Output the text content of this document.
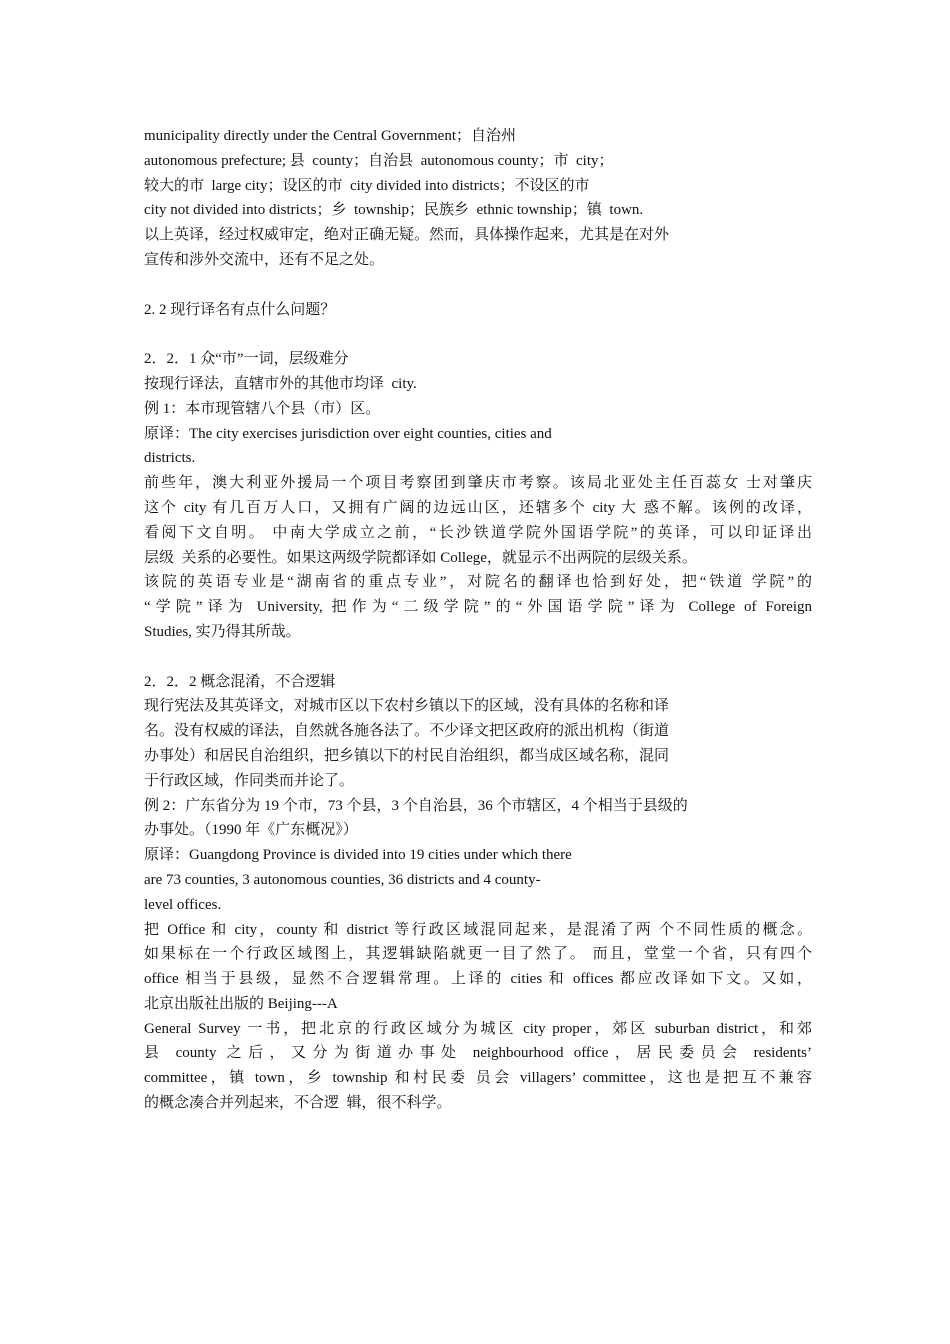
municipality directly under the Central Government；自治州
autonomous prefecture; 县  county；自治县  autonomous county；市  city；
较大的市  large city；设区的市  city divided into districts；不设区的市
city not divided into districts；乡  township；民族乡  ethnic township；镇  town.
以上英译，经过权威审定，绝对正确无疑。然而，具体操作起来，尤其是在对外
宣传和涉外交流中，还有不足之处。
2. 2 现行译名有点什么问题？
2．2．1 众“市”一词，层级难分
按现行译法，直辖市外的其他市均译  city.
例 1：本市现管辖八个县（市）区。
原译：The city exercises jurisdiction over eight counties, cities and
districts.
前些年，澳大利亚外援局一个项目考察团到肇庆市考察。该局北亚处主任百蕊女 士对肇庆
这个 city 有几百万人口，又拥有广阔的边远山区，还辖多个 city 大 惑不解。该例的改译，
看阅下文自明。 中南大学成立之前，“长沙铁道学院外国语学院”的英译，可以印证译出
层级  关系的必要性。如果这两级学院都译如 College，就显示不出两院的层级关系。
该院的英语专业是“湖南省的重点专业”，对院名的翻译也恰到好处，把“铁道 学院”的
“学院”译为 University, 把作为“二级学院”的“外国语学院”译为 College of Foreign
Studies, 实乃得其所哉。
2．2．2 概念混淆，不合逻辑
现行宪法及其英译文，对城市区以下农村乡镇以下的区域，没有具体的名称和译
名。没有权威的译法，自然就各施各法了。不少译文把区政府的派出机构（街道
办事处）和居民自治组织，把乡镇以下的村民自治组织，都当成区域名称，混同
于行政区域，作同类而并论了。
例 2：广东省分为 19 个市，73 个县，3 个自治县，36 个市辖区，4 个相当于县级的
办事处。（1990 年《广东概况》）
原译：Guangdong Province is divided into 19 cities under which there
are 73 counties, 3 autonomous counties, 36 districts and 4 county-
level offices.
把 Office 和 city，county 和 district 等行政区域混同起来，是混淆了两 个不同性质的概念。
如果标在一个行政区域图上，其逻辑缺陷就更一目了然了。 而且，堂堂一个省，只有四个
office 相当于县级，显然不合逻辑常理。上译的 cities 和 offices 都应改译如下文。又如，
北京出版社出版的 Beijing---A
General Survey 一书，把北京的行政区域分为城区 city proper，郊区 suburban district，和郊
县 county 之后，又分为街道办事处 neighbourhood office，居民委员会 residents’
committee，镇 town，乡 township 和村民委 员会 villagers’ committee，这也是把互不兼容
的概念凑合并列起来，不合逻  辑，很不科学。
